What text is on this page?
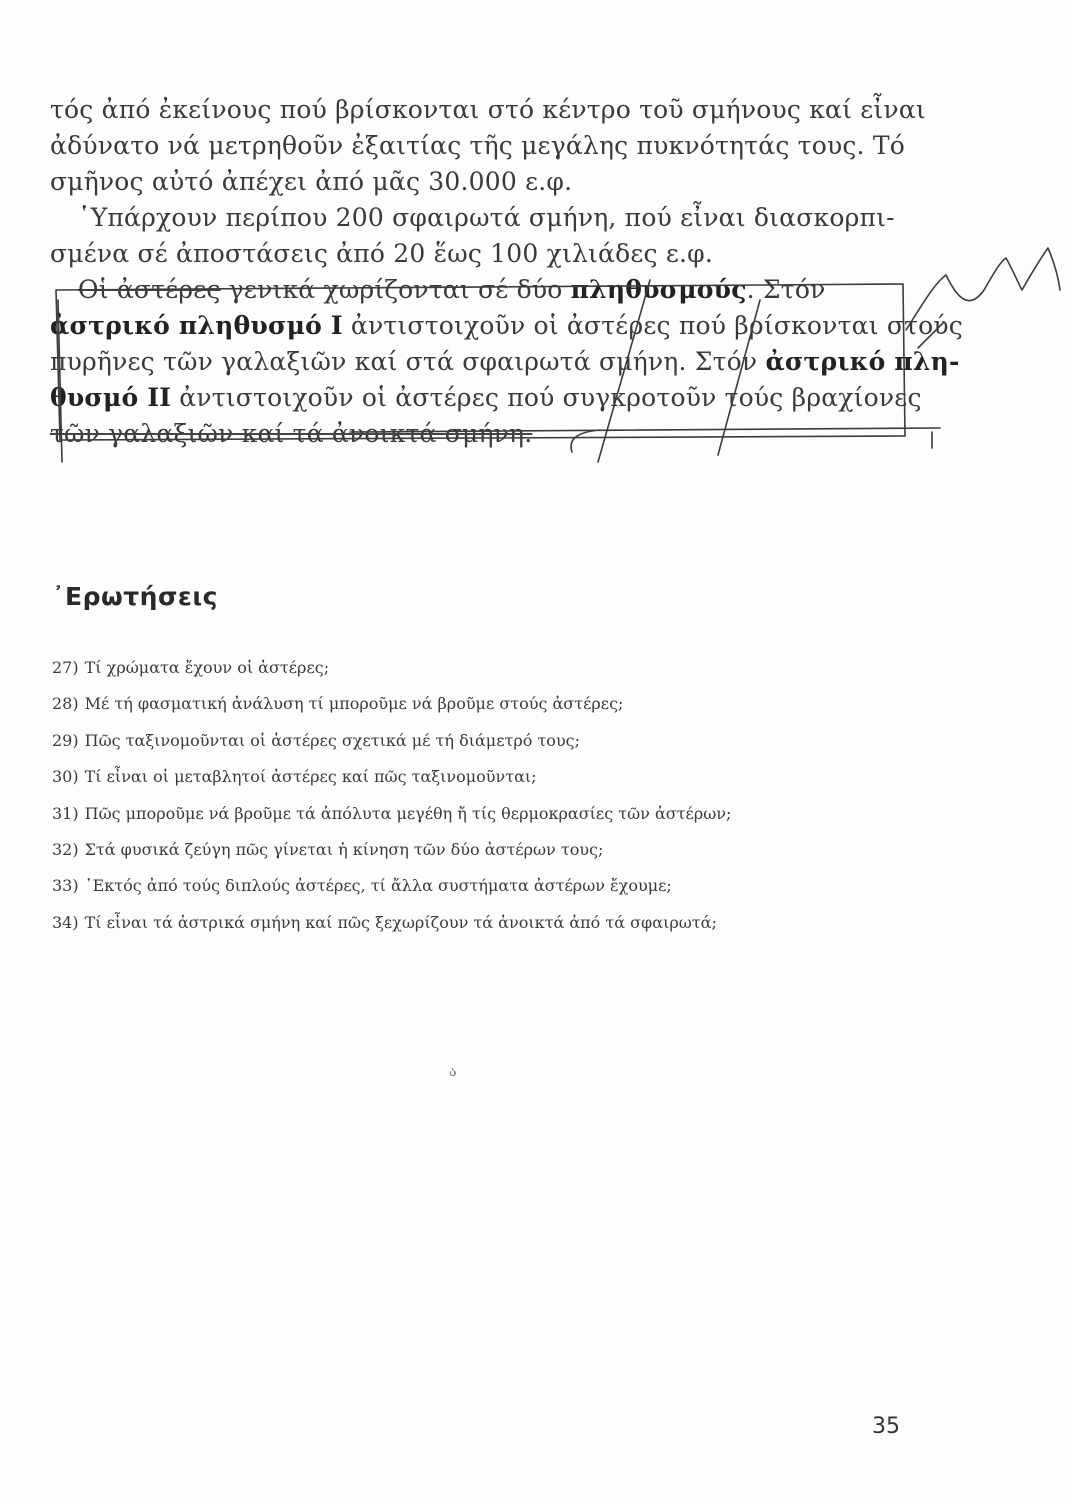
τός ἀπό ἐκείνους πού βρίσκονται στό κέντρο τοῦ σμήνους καί εἶναι
ἀδύνατο νά μετρηθοῦν ἐξαιτίας τῆς μεγάλης πυκνότητάς τους. Τό
σμῆνος αὐτό ἀπέχει ἀπό μᾶς 30.000 ε.φ.
῾Υπάρχουν περίπου 200 σφαιρωτά σμήνη, πού εἶναι διασκορπι-
σμένα σέ ἀποστάσεις ἀπό 20 ἕως 100 χιλιάδες ε.φ.
Οἱ ἀστέρες γενικά χωρίζονται σέ δύο πληθυσμούς. Στόν
ἀστρικό πληθυσμό Ι ἀντιστοιχοῦν οἱ ἀστέρες πού βρίσκονται στούς
πυρῆνες τῶν γαλαξιῶν καί στά σφαιρωτά σμήνη. Στόν ἀστρικό πλη-
θυσμό ΙΙ ἀντιστοιχοῦν οἱ ἀστέρες πού συγκροτοῦν τούς βραχίονες
τῶν γαλαξιῶν καί τά ἀνοικτά σμήνη.
᾿Ερωτήσεις
27) Τί χρώματα ἔχουν οἱ ἀστέρες;
28) Μέ τή φασματική ἀνάλυση τί μποροῦμε νά βροῦμε στούς ἀστέρες;
29) Πῶς ταξινομοῦνται οἱ ἀστέρες σχετικά μέ τή διάμετρό τους;
30) Τί εἶναι οἱ μεταβλητοί ἀστέρες καί πῶς ταξινομοῦνται;
31) Πῶς μποροῦμε νά βροῦμε τά ἀπόλυτα μεγέθη ἤ τίς θερμοκρασίες τῶν ἀστέρων;
32) Στά φυσικά ζεύγη πῶς γίνεται ἡ κίνηση τῶν δύο ἀστέρων τους;
33) ᾿Εκτός ἀπό τούς διπλούς ἀστέρες, τί ἄλλα συστήματα ἀστέρων ἔχουμε;
34) Τί εἶναι τά ἀστρικά σμήνη καί πῶς ξεχωρίζουν τά ἀνοικτά ἀπό τά σφαιρωτά;
ა
35
